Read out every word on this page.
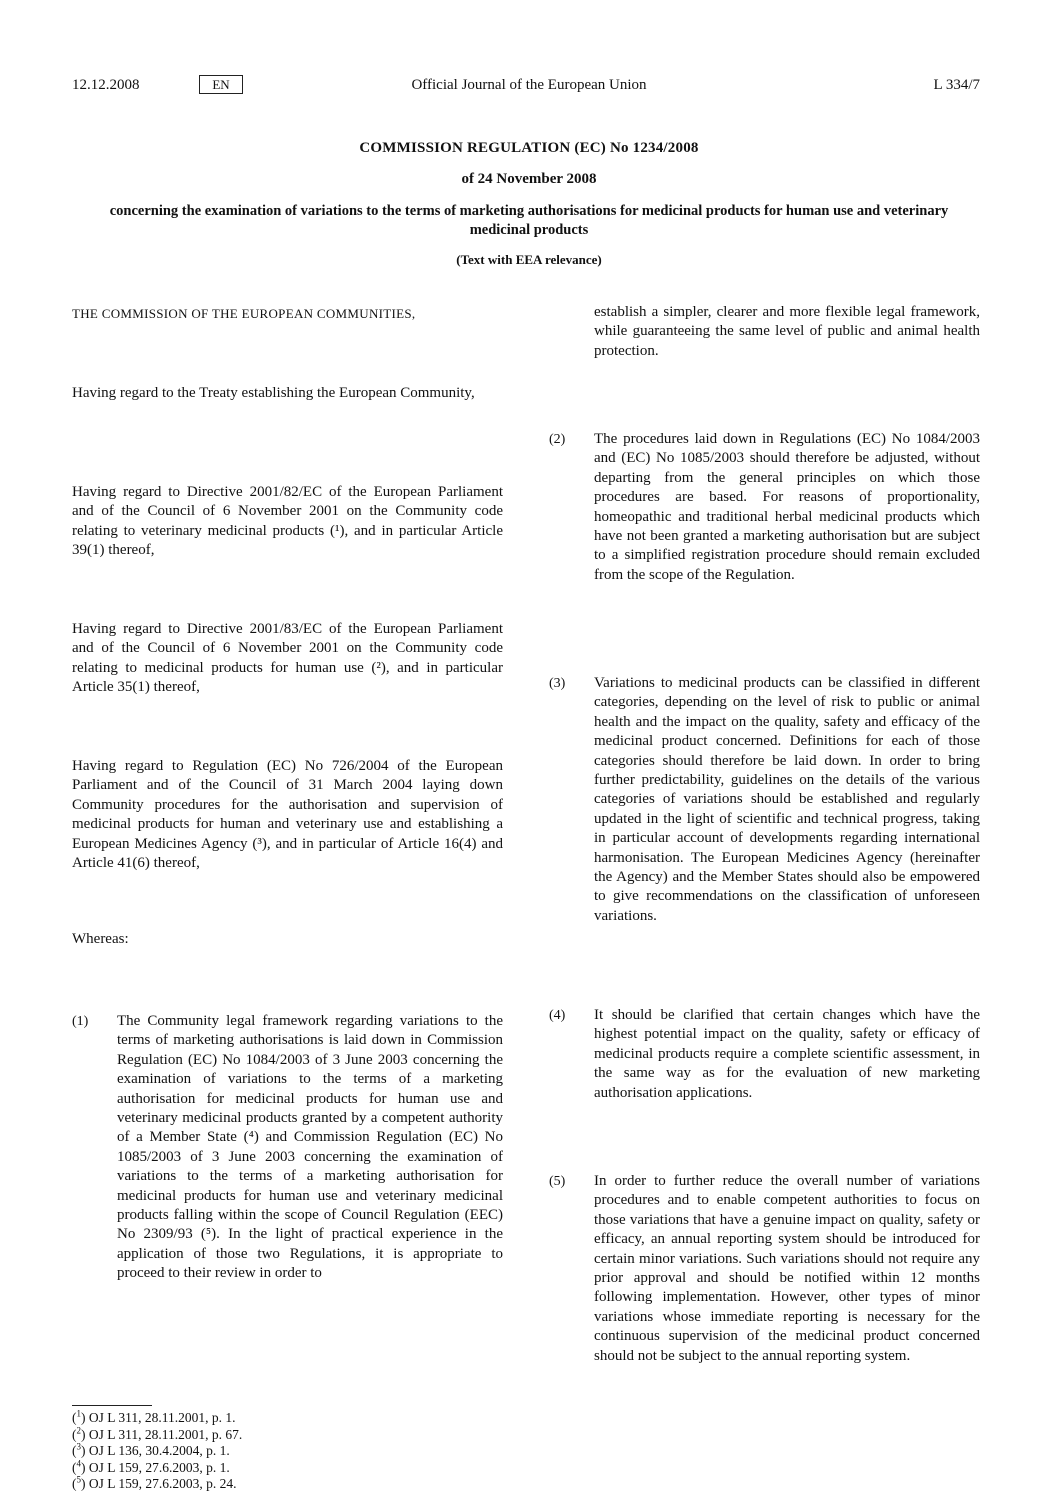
12.12.2008	EN	Official Journal of the European Union	L 334/7
COMMISSION REGULATION (EC) No 1234/2008
of 24 November 2008
concerning the examination of variations to the terms of marketing authorisations for medicinal products for human use and veterinary medicinal products
(Text with EEA relevance)

THE COMMISSION OF THE EUROPEAN COMMUNITIES,

Having regard to the Treaty establishing the European Community,

Having regard to Directive 2001/82/EC of the European Parliament and of the Council of 6 November 2001 on the Community code relating to veterinary medicinal products (¹), and in particular Article 39(1) thereof,

Having regard to Directive 2001/83/EC of the European Parliament and of the Council of 6 November 2001 on the Community code relating to medicinal products for human use (²), and in particular Article 35(1) thereof,

Having regard to Regulation (EC) No 726/2004 of the European Parliament and of the Council of 31 March 2004 laying down Community procedures for the authorisation and supervision of medicinal products for human and veterinary use and establishing a European Medicines Agency (³), and in particular of Article 16(4) and Article 41(6) thereof,

Whereas:

(1) The Community legal framework regarding variations to the terms of marketing authorisations is laid down in Commission Regulation (EC) No 1084/2003 of 3 June 2003 concerning the examination of variations to the terms of a marketing authorisation for medicinal products for human use and veterinary medicinal products granted by a competent authority of a Member State (⁴) and Commission Regulation (EC) No 1085/2003 of 3 June 2003 concerning the examination of variations to the terms of a marketing authorisation for medicinal products for human use and veterinary medicinal products falling within the scope of Council Regulation (EEC) No 2309/93 (⁵). In the light of practical experience in the application of those two Regulations, it is appropriate to proceed to their review in order to

($^1$) OJ L 311, 28.11.2001, p. 1.
($^2$) OJ L 311, 28.11.2001, p. 67.
($^3$) OJ L 136, 30.4.2004, p. 1.
($^4$) OJ L 159, 27.6.2003, p. 1.
($^5$) OJ L 159, 27.6.2003, p. 24.

establish a simpler, clearer and more flexible legal framework, while guaranteeing the same level of public and animal health protection.

(2) The procedures laid down in Regulations (EC) No 1084/2003 and (EC) No 1085/2003 should therefore be adjusted, without departing from the general principles on which those procedures are based. For reasons of proportionality, homeopathic and traditional herbal medicinal products which have not been granted a marketing authorisation but are subject to a simplified registration procedure should remain excluded from the scope of the Regulation.

(3) Variations to medicinal products can be classified in different categories, depending on the level of risk to public or animal health and the impact on the quality, safety and efficacy of the medicinal product concerned. Definitions for each of those categories should therefore be laid down. In order to bring further predictability, guidelines on the details of the various categories of variations should be established and regularly updated in the light of scientific and technical progress, taking in particular account of developments regarding international harmonisation. The European Medicines Agency (hereinafter the Agency) and the Member States should also be empowered to give recommendations on the classification of unforeseen variations.

(4) It should be clarified that certain changes which have the highest potential impact on the quality, safety or efficacy of medicinal products require a complete scientific assessment, in the same way as for the evaluation of new marketing authorisation applications.

(5) In order to further reduce the overall number of variations procedures and to enable competent authorities to focus on those variations that have a genuine impact on quality, safety or efficacy, an annual reporting system should be introduced for certain minor variations. Such variations should not require any prior approval and should be notified within 12 months following implementation. However, other types of minor variations whose immediate reporting is necessary for the continuous supervision of the medicinal product concerned should not be subject to the annual reporting system.
